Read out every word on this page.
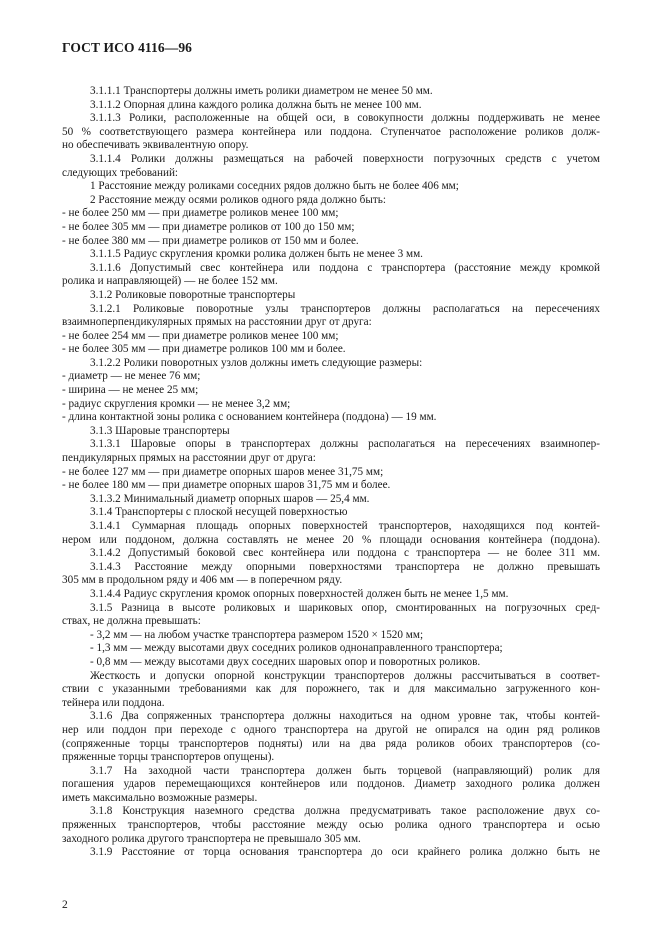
ГОСТ ИСО 4116—96
3.1.1.1 Транспортеры должны иметь ролики диаметром не менее 50 мм.
3.1.1.2 Опорная длина каждого ролика должна быть не менее 100 мм.
3.1.1.3 Ролики, расположенные на общей оси, в совокупности должны поддерживать не менее
50 % соответствующего размера контейнера или поддона. Ступенчатое расположение роликов долж-
но обеспечивать эквивалентную опору.
3.1.1.4 Ролики должны размещаться на рабочей поверхности погрузочных средств с учетом
следующих требований:
1 Расстояние между роликами соседних рядов должно быть не более 406 мм;
2 Расстояние между осями роликов одного ряда должно быть:
- не более 250 мм — при диаметре роликов менее 100 мм;
- не более 305 мм — при диаметре роликов от 100 до 150 мм;
- не более 380 мм — при диаметре роликов от 150 мм и более.
3.1.1.5 Радиус скругления кромки ролика должен быть не менее 3 мм.
3.1.1.6 Допустимый свес контейнера или поддона с транспортера (расстояние между кромкой
ролика и направляющей) — не более 152 мм.
3.1.2 Роликовые поворотные транспортеры
3.1.2.1 Роликовые поворотные узлы транспортеров должны располагаться на пересечениях
взаимноперпендикулярных прямых на расстоянии друг от друга:
- не более 254 мм — при диаметре роликов менее 100 мм;
- не более 305 мм — при диаметре роликов 100 мм и более.
3.1.2.2 Ролики поворотных узлов должны иметь следующие размеры:
- диаметр — не менее 76 мм;
- ширина — не менее 25 мм;
- радиус скругления кромки — не менее 3,2 мм;
- длина контактной зоны ролика с основанием контейнера (поддона) — 19 мм.
3.1.3 Шаровые транспортеры
3.1.3.1 Шаровые опоры в транспортерах должны располагаться на пересечениях взаимнопер-
пендикулярных прямых на расстоянии друг от друга:
- не более 127 мм — при диаметре опорных шаров менее 31,75 мм;
- не более 180 мм — при диаметре опорных шаров 31,75 мм и более.
3.1.3.2 Минимальный диаметр опорных шаров — 25,4 мм.
3.1.4 Транспортеры с плоской несущей поверхностью
3.1.4.1 Суммарная площадь опорных поверхностей транспортеров, находящихся под контей-
нером или поддоном, должна составлять не менее 20 % площади основания контейнера (поддона).
3.1.4.2 Допустимый боковой свес контейнера или поддона с транспортера — не более 311 мм.
3.1.4.3 Расстояние между опорными поверхностями транспортера не должно превышать
305 мм в продольном ряду и 406 мм — в поперечном ряду.
3.1.4.4 Радиус скругления кромок опорных поверхностей должен быть не менее 1,5 мм.
3.1.5 Разница в высоте роликовых и шариковых опор, смонтированных на погрузочных сред-
ствах, не должна превышать:
- 3,2 мм — на любом участке транспортера размером 1520 × 1520 мм;
- 1,3 мм — между высотами двух соседних роликов однонаправленного транспортера;
- 0,8 мм — между высотами двух соседних шаровых опор и поворотных роликов.
Жесткость и допуски опорной конструкции транспортеров должны рассчитываться в соответ-
ствии с указанными требованиями как для порожнего, так и для максимально загруженного кон-
тейнера или поддона.
3.1.6 Два сопряженных транспортера должны находиться на одном уровне так, чтобы контей-
нер или поддон при переходе с одного транспортера на другой не опирался на один ряд роликов
(сопряженные торцы транспортеров подняты) или на два ряда роликов обоих транспортеров (со-
пряженные торцы транспортеров опущены).
3.1.7 На заходной части транспортера должен быть торцевой (направляющий) ролик для
погашения ударов перемещающихся контейнеров или поддонов. Диаметр заходного ролика должен
иметь максимально возможные размеры.
3.1.8 Конструкция наземного средства должна предусматривать такое расположение двух со-
пряженных транспортеров, чтобы расстояние между осью ролика одного транспортера и осью
заходного ролика другого транспортера не превышало 305 мм.
3.1.9 Расстояние от торца основания транспортера до оси крайнего ролика должно быть не
2
